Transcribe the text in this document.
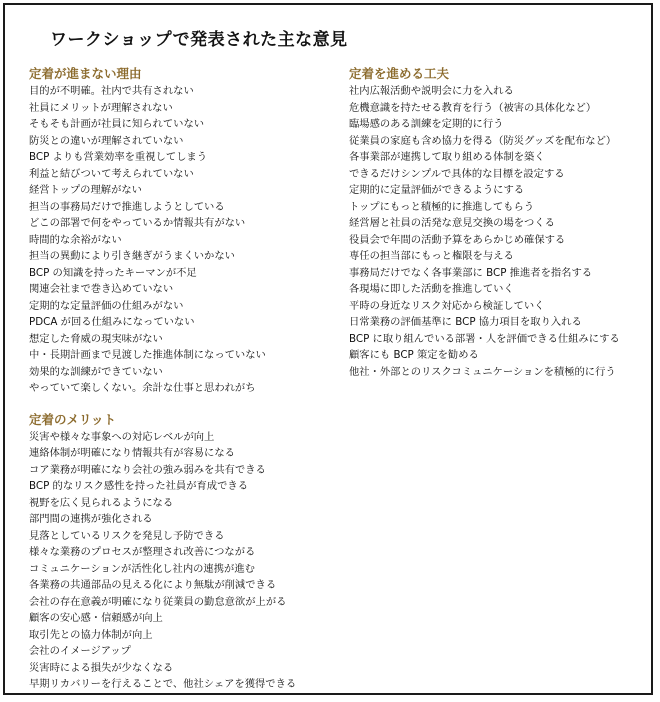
ワークショップで発表された主な意見
定着が進まない理由
目的が不明確。社内で共有されない
社員にメリットが理解されない
そもそも計画が社員に知られていない
防災との違いが理解されていない
BCP よりも営業効率を重視してしまう
利益と結びついて考えられていない
経営トップの理解がない
担当の事務局だけで推進しようとしている
どこの部署で何をやっているか情報共有がない
時間的な余裕がない
担当の異動により引き継ぎがうまくいかない
BCP の知識を持ったキーマンが不足
関連会社まで巻き込めていない
定期的な定量評価の仕組みがない
PDCA が回る仕組みになっていない
想定した脅威の現実味がない
中・長期計画まで見渡した推進体制になっていない
効果的な訓練ができていない
やっていて楽しくない。余計な仕事と思われがち
定着のメリット
災害や様々な事象への対応レベルが向上
連絡体制が明確になり情報共有が容易になる
コア業務が明確になり会社の強み弱みを共有できる
BCP 的なリスク感性を持った社員が育成できる
視野を広く見られるようになる
部門間の連携が強化される
見落としているリスクを発見し予防できる
様々な業務のプロセスが整理され改善につながる
コミュニケーションが活性化し社内の連携が進む
各業務の共通部品の見える化により無駄が削減できる
会社の存在意義が明確になり従業員の勤怠意欲が上がる
顧客の安心感・信頼感が向上
取引先との協力体制が向上
会社のイメージアップ
災害時による損失が少なくなる
早期リカバリーを行えることで、他社シェアを獲得できる
定着を進める工夫
社内広報活動や説明会に力を入れる
危機意識を持たせる教育を行う（被害の具体化など）
臨場感のある訓練を定期的に行う
従業員の家庭も含め協力を得る（防災グッズを配布など）
各事業部が連携して取り組める体制を築く
できるだけシンプルで具体的な目標を設定する
定期的に定量評価ができるようにする
トップにもっと積極的に推進してもらう
経営層と社員の活発な意見交換の場をつくる
役員会で年間の活動予算をあらかじめ確保する
専任の担当部にもっと権限を与える
事務局だけでなく各事業部に BCP 推進者を指名する
各現場に即した活動を推進していく
平時の身近なリスク対応から検証していく
日常業務の評価基準に BCP 協力項目を取り入れる
BCP に取り組んでいる部署・人を評価できる仕組みにする
顧客にも BCP 策定を勧める
他社・外部とのリスクコミュニケーションを積極的に行う
